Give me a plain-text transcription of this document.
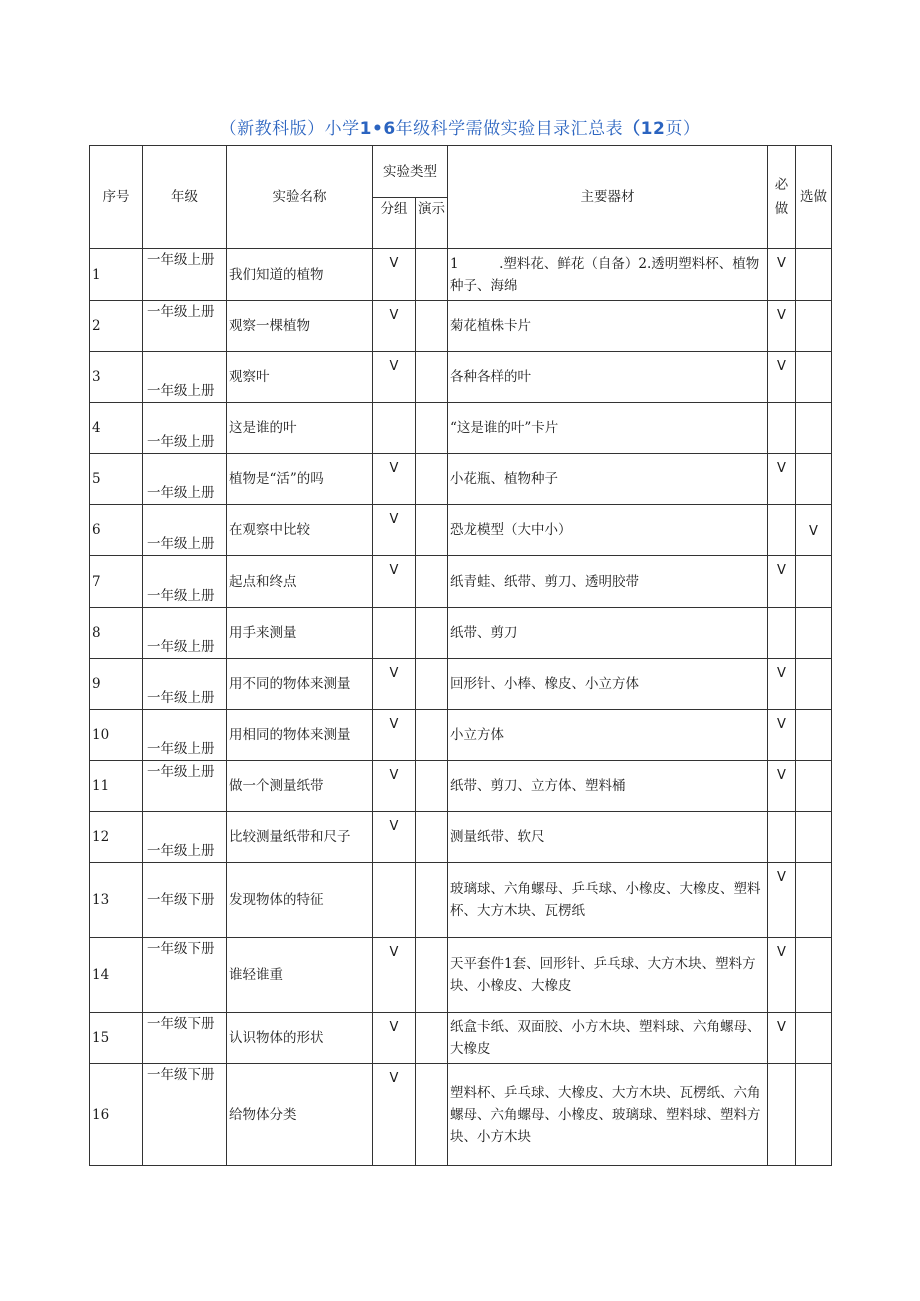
（新教科版）小学1•6年级科学需做实验目录汇总表（12页）
序号	年级	实验名称	实验类型		主要器材	必做	选做
			分组	演示			
1	一年级上册	我们知道的植物	V		1　　　.塑料花、鲜花（自备）2.透明塑料杯、植物种子、海绵	V	
2	一年级上册	观察一棵植物	V		菊花植株卡片	V	
3	一年级上册	观察叶	V		各种各样的叶	V	
4	一年级上册	这是谁的叶			“这是谁的叶”卡片		
5	一年级上册	植物是“活”的吗	V		小花瓶、植物种子	V	
6	一年级上册	在观察中比较	V		恐龙模型（大中小）		V
7	一年级上册	起点和终点	V		纸青蛙、纸带、剪刀、透明胶带	V	
8	一年级上册	用手来测量			纸带、剪刀		
9	一年级上册	用不同的物体来测量	V		回形针、小棒、橡皮、小立方体	V	
10	一年级上册	用相同的物体来测量	V		小立方体	V	
11	一年级上册	做一个测量纸带	V		纸带、剪刀、立方体、塑料桶	V	
12	一年级上册	比较测量纸带和尺子	V		测量纸带、软尺		
13	一年级下册	发现物体的特征			玻璃球、六角螺母、乒乓球、小橡皮、大橡皮、塑料杯、大方木块、瓦楞纸	V	
14	一年级下册	谁轻谁重	V		天平套件1套、回形针、乒乓球、大方木块、塑料方块、小橡皮、大橡皮	V	
15	一年级下册	认识物体的形状	V		纸盒卡纸、双面胶、小方木块、塑料球、六角螺母、大橡皮	V	
16	一年级下册	给物体分类	V		塑料杯、乒乓球、大橡皮、大方木块、瓦楞纸、六角螺母、六角螺母、小橡皮、玻璃球、塑料球、塑料方块、小方木块		
